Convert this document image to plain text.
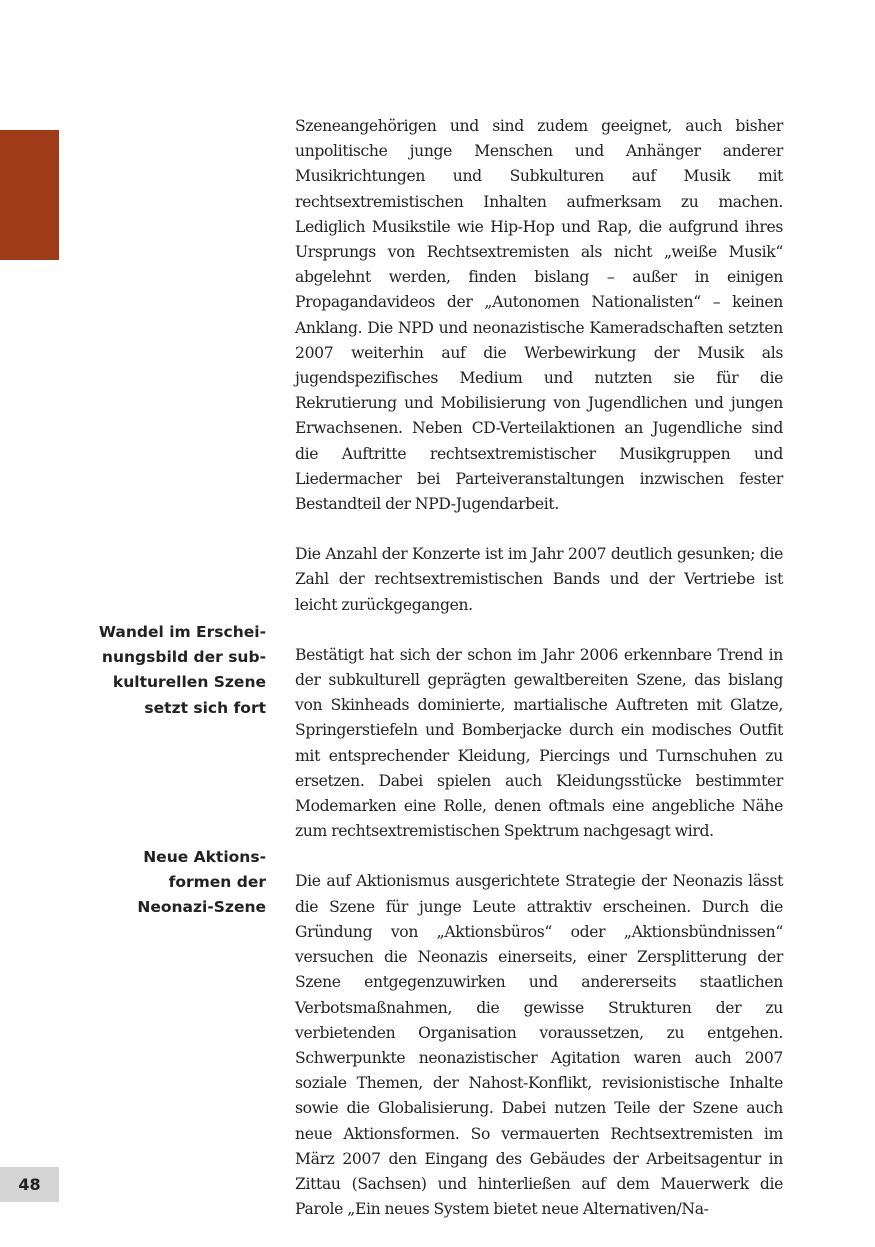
48
Wandel im Erschei-
nungsbild der sub-
kulturellen Szene
setzt sich fort
Neue Aktions-
formen der
Neonazi-Szene

Szeneangehörigen und sind zudem geeignet, auch bisher unpolitische junge Menschen und Anhänger anderer Musikrichtungen und Subkulturen auf Musik mit rechtsextremistischen Inhalten aufmerksam zu machen. Lediglich Musikstile wie Hip-Hop und Rap, die aufgrund ihres Ursprungs von Rechtsextremisten als nicht „weiße Musik“ abgelehnt werden, finden bislang – außer in einigen Propagandavideos der „Autonomen Nationalisten“ – keinen Anklang. Die NPD und neonazistische Kameradschaften setzten 2007 weiterhin auf die Werbewirkung der Musik als jugendspezifisches Medium und nutzten sie für die Rekrutierung und Mobilisierung von Jugendlichen und jungen Erwachsenen. Neben CD-Verteilaktionen an Jugendliche sind die Auftritte rechtsextremistischer Musikgruppen und Liedermacher bei Parteiveranstaltungen inzwischen fester Bestandteil der NPD-Jugendarbeit.

Die Anzahl der Konzerte ist im Jahr 2007 deutlich gesunken; die Zahl der rechtsextremistischen Bands und der Vertriebe ist leicht zurückgegangen.

Bestätigt hat sich der schon im Jahr 2006 erkennbare Trend in der subkulturell geprägten gewaltbereiten Szene, das bislang von Skinheads dominierte, martialische Auftreten mit Glatze, Springerstiefeln und Bomberjacke durch ein modisches Outfit mit entsprechender Kleidung, Piercings und Turnschuhen zu ersetzen. Dabei spielen auch Kleidungsstücke bestimmter Modemarken eine Rolle, denen oftmals eine angebliche Nähe zum rechtsextremistischen Spektrum nachgesagt wird.

Die auf Aktionismus ausgerichtete Strategie der Neonazis lässt die Szene für junge Leute attraktiv erscheinen. Durch die Gründung von „Aktionsbüros“ oder „Aktionsbündnissen“ versuchen die Neonazis einerseits, einer Zersplitterung der Szene entgegenzuwirken und andererseits staatlichen Verbotsmaßnahmen, die gewisse Strukturen der zu verbietenden Organisation voraussetzen, zu entgehen. Schwerpunkte neonazistischer Agitation waren auch 2007 soziale Themen, der Nahost-Konflikt, revisionistische Inhalte sowie die Globalisierung. Dabei nutzen Teile der Szene auch neue Aktionsformen. So vermauerten Rechtsextremisten im März 2007 den Eingang des Gebäudes der Arbeitsagentur in Zittau (Sachsen) und hinterließen auf dem Mauerwerk die Parole „Ein neues System bietet neue Alternativen/Na-
